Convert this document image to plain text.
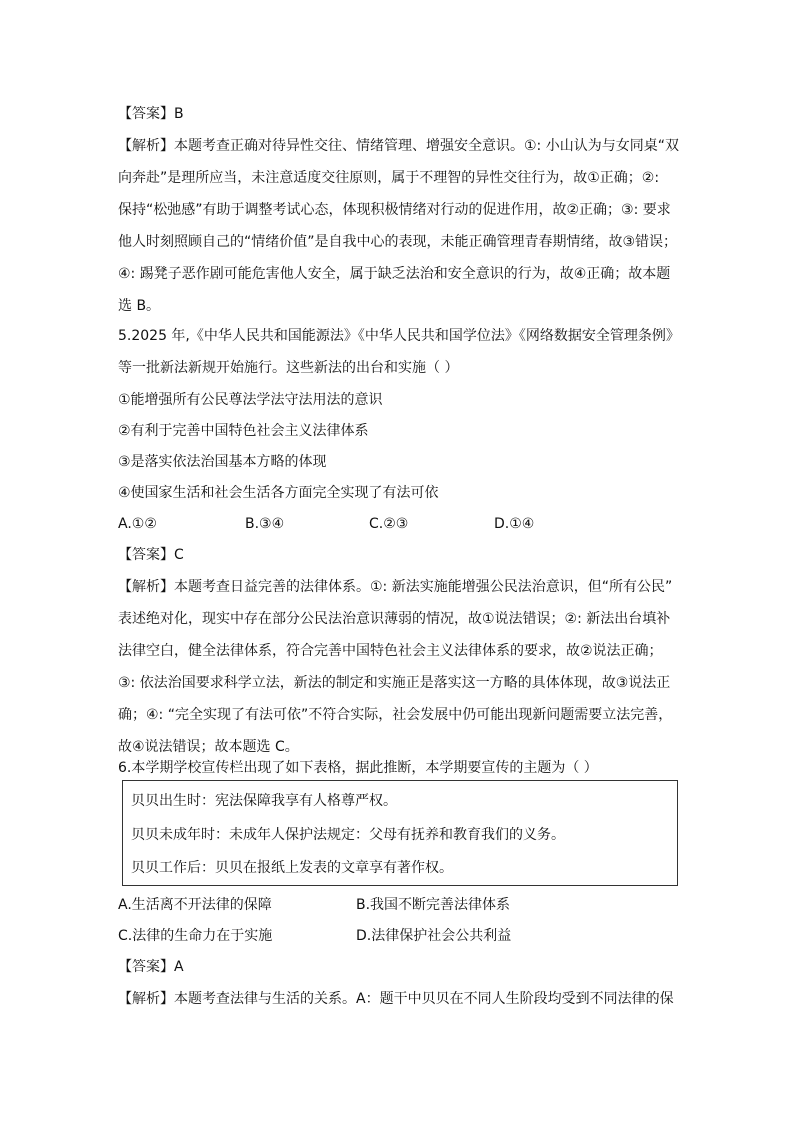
【答案】B
【解析】本题考查正确对待异性交往、情绪管理、增强安全意识。①: 小山认为与女同桌“双
向奔赴”是理所应当，未注意适度交往原则，属于不理智的异性交往行为，故①正确；②:
保持“松弛感”有助于调整考试心态，体现积极情绪对行动的促进作用，故②正确；③: 要求
他人时刻照顾自己的“情绪价值”是自我中心的表现，未能正确管理青春期情绪，故③错误；
④: 踢凳子恶作剧可能危害他人安全，属于缺乏法治和安全意识的行为，故④正确；故本题
选 B。
5.2025 年,《中华人民共和国能源法》《中华人民共和国学位法》《网络数据安全管理条例》
等一批新法新规开始施行。这些新法的出台和实施（ ）
①能增强所有公民尊法学法守法用法的意识
②有利于完善中国特色社会主义法律体系
③是落实依法治国基本方略的体现
④使国家生活和社会生活各方面完全实现了有法可依
A.①②	B.③④	C.②③	D.①④
【答案】C
【解析】本题考查日益完善的法律体系。①: 新法实施能增强公民法治意识，但“所有公民”
表述绝对化，现实中存在部分公民法治意识薄弱的情况，故①说法错误；②: 新法出台填补
法律空白，健全法律体系，符合完善中国特色社会主义法律体系的要求，故②说法正确；
③: 依法治国要求科学立法，新法的制定和实施正是落实这一方略的具体体现，故③说法正
确；④: “完全实现了有法可依”不符合实际，社会发展中仍可能出现新问题需要立法完善，
故④说法错误；故本题选 C。
6.本学期学校宣传栏出现了如下表格，据此推断，本学期要宣传的主题为（ ）
贝贝出生时：宪法保障我享有人格尊严权。
贝贝未成年时：未成年人保护法规定：父母有抚养和教育我们的义务。
贝贝工作后：贝贝在报纸上发表的文章享有著作权。
A.生活离不开法律的保障	B.我国不断完善法律体系
C.法律的生命力在于实施	D.法律保护社会公共利益
【答案】A
【解析】本题考查法律与生活的关系。A：题干中贝贝在不同人生阶段均受到不同法律的保
